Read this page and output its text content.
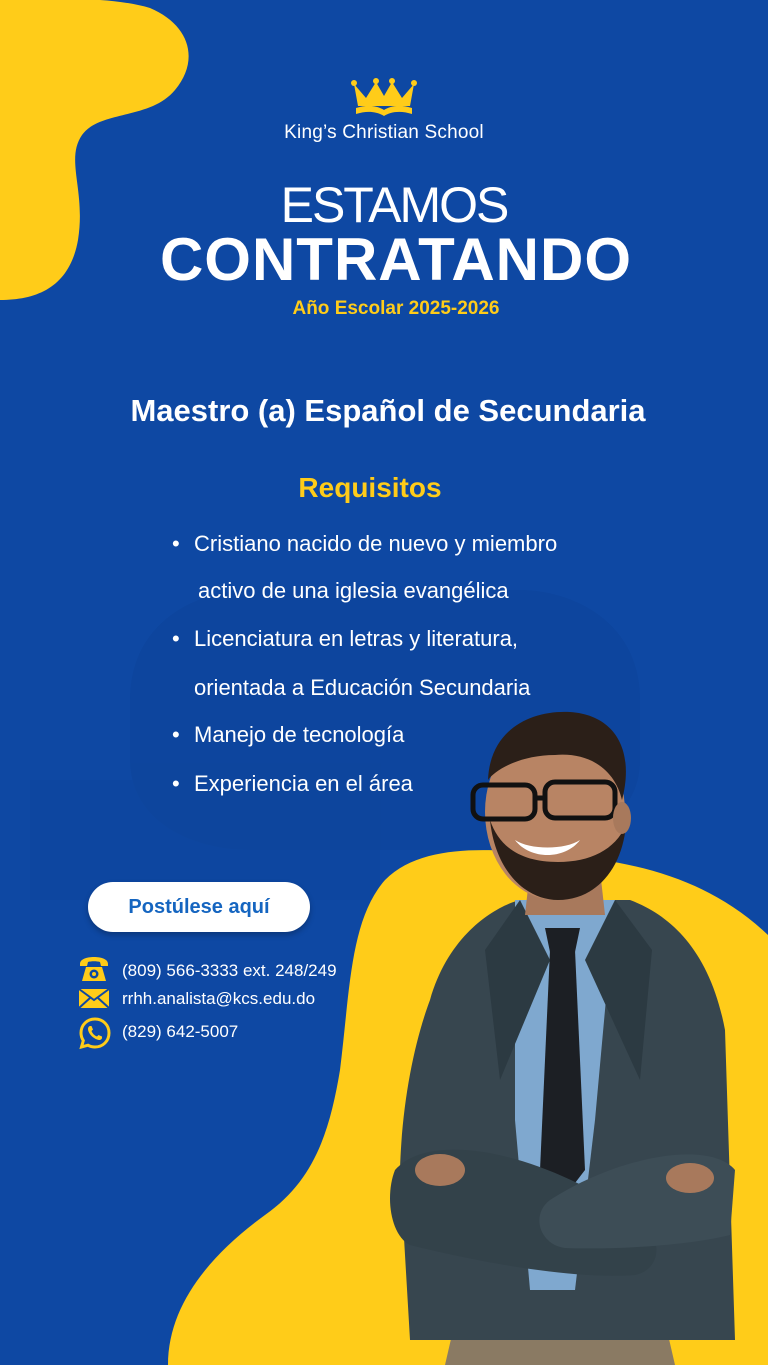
King’s Christian School
ESTAMOS
CONTRATANDO
Año Escolar 2025-2026
Maestro (a) Español de Secundaria
Requisitos
• Cristiano nacido de nuevo y miembro
activo de una iglesia evangélica
• Licenciatura en letras y literatura,
orientada a Educación Secundaria
• Manejo de tecnología
• Experiencia en el área
Postúlese aquí
(809) 566-3333 ext. 248/249
rrhh.analista@kcs.edu.do
(829) 642-5007
